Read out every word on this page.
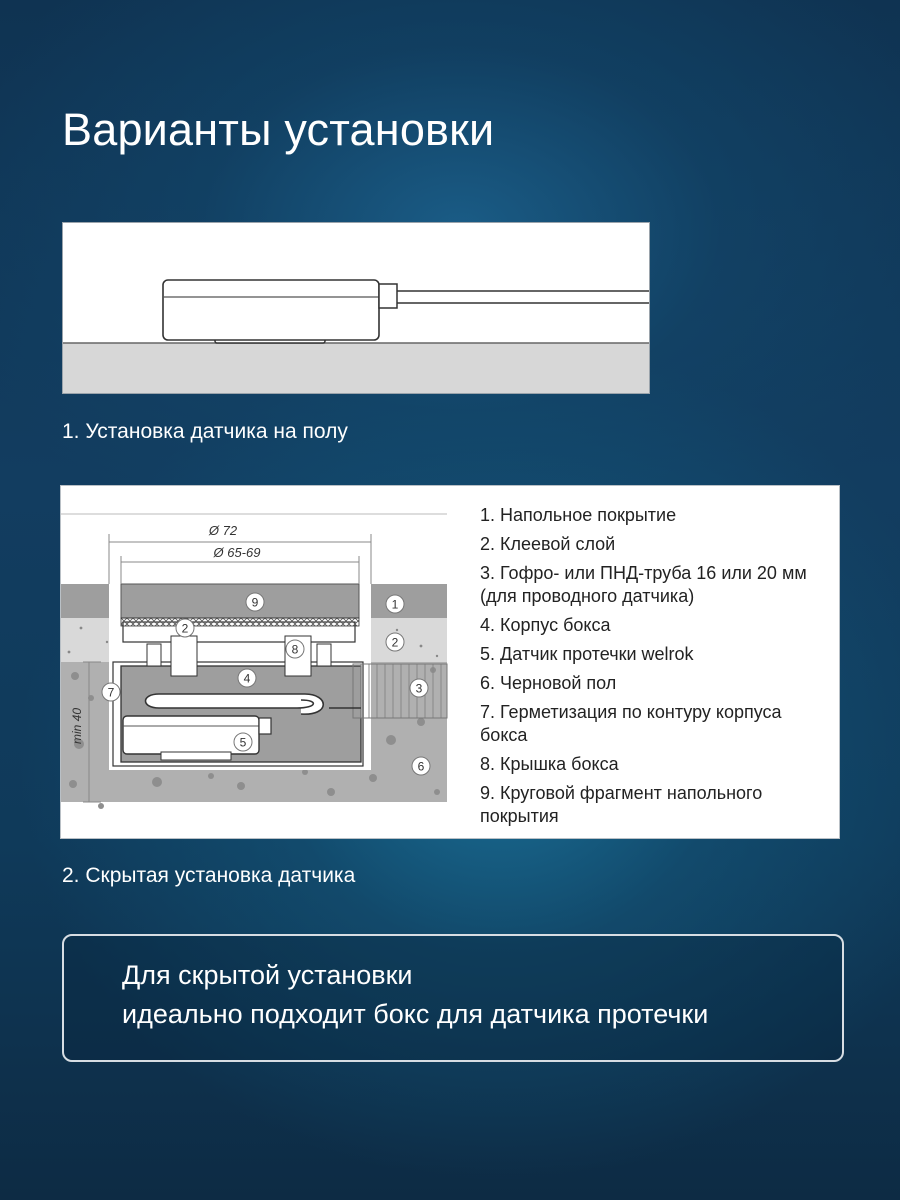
Варианты установки
1. Установка датчика на полу
Ø 72
Ø 65-69
min 40
9	1
2
2
8
4
3
7
5
6
1. Напольное покрытие
2. Клеевой слой
3. Гофро- или ПНД-труба 16 или 20 мм (для проводного датчика)
4. Корпус бокса
5. Датчик протечки welrok
6. Черновой пол
7. Герметизация по контуру корпуса бокса
8. Крышка бокса
9. Круговой фрагмент напольного покрытия
2. Скрытая установка датчика
Для скрытой установки
идеально подходит бокс для датчика протечки
